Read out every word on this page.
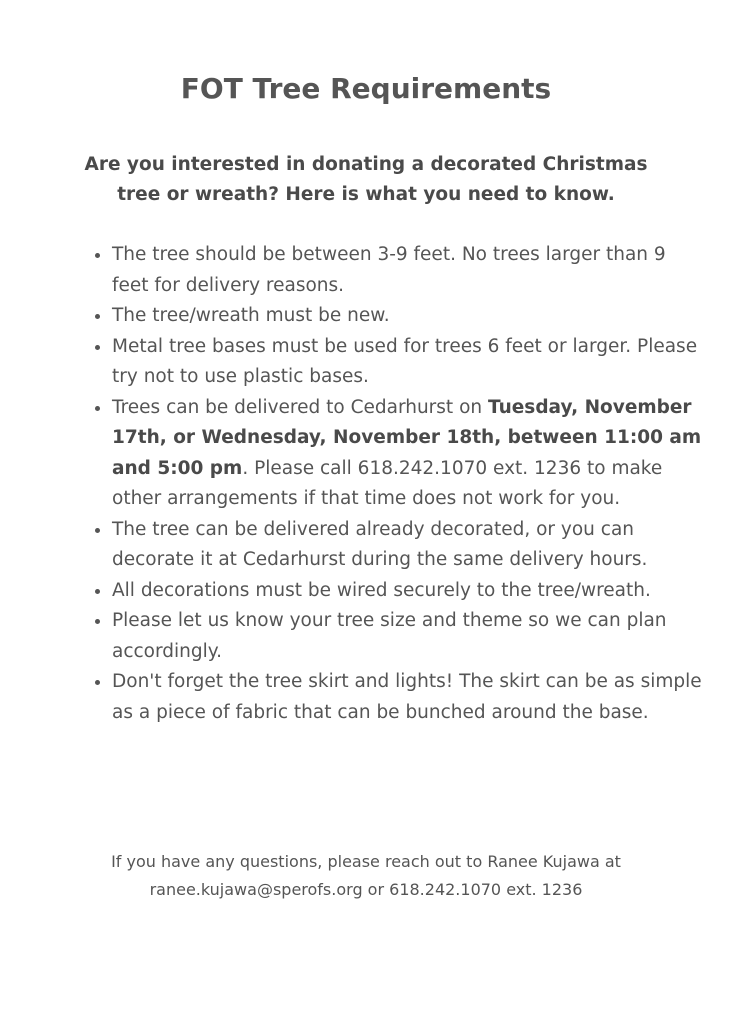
FOT Tree Requirements

Are you interested in donating a decorated Christmas tree or wreath? Here is what you need to know.

• The tree should be between 3-9 feet. No trees larger than 9 feet for delivery reasons.
• The tree/wreath must be new.
• Metal tree bases must be used for trees 6 feet or larger. Please try not to use plastic bases.
• Trees can be delivered to Cedarhurst on Tuesday, November 17th, or Wednesday, November 18th, between 11:00 am and 5:00 pm. Please call 618.242.1070 ext. 1236 to make other arrangements if that time does not work for you.
• The tree can be delivered already decorated, or you can decorate it at Cedarhurst during the same delivery hours.
• All decorations must be wired securely to the tree/wreath.
• Please let us know your tree size and theme so we can plan accordingly.
• Don't forget the tree skirt and lights! The skirt can be as simple as a piece of fabric that can be bunched around the base.

If you have any questions, please reach out to Ranee Kujawa at
ranee.kujawa@sperofs.org or 618.242.1070 ext. 1236
